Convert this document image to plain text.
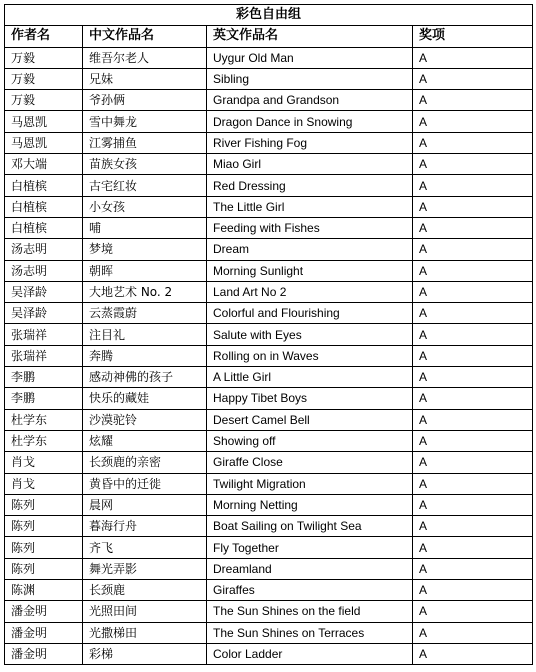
彩色自由组			
作者名	中文作品名	英文作品名	奖项
万毅	维吾尔老人	Uygur Old Man	A
万毅	兄妹	Sibling	A
万毅	爷孙俩	Grandpa and Grandson	A
马恩凯	雪中舞龙	Dragon Dance in Snowing	A
马恩凯	江雾捕鱼	River Fishing Fog	A
邓大端	苗族女孩	Miao Girl	A
白植槟	古宅红妆	Red Dressing	A
白植槟	小女孩	The Little Girl	A
白植槟	哺	Feeding with Fishes	A
汤志明	梦境	Dream	A
汤志明	朝晖	Morning Sunlight	A
吴泽龄	大地艺术 No. 2	Land Art No 2	A
吴泽龄	云蒸霞蔚	Colorful and Flourishing	A
张瑞祥	注目礼	Salute with Eyes	A
张瑞祥	奔腾	Rolling on in Waves	A
李鹏	感动神佛的孩子	A Little Girl	A
李鹏	快乐的藏娃	Happy Tibet Boys	A
杜学东	沙漠驼铃	Desert Camel Bell	A
杜学东	炫耀	Showing off	A
肖戈	长颈鹿的亲密	Giraffe Close	A
肖戈	黄昏中的迁徙	Twilight Migration	A
陈列	晨网	Morning Netting	A
陈列	暮海行舟	Boat Sailing on Twilight Sea	A
陈列	齐飞	Fly Together	A
陈列	舞光弄影	Dreamland	A
陈渊	长颈鹿	Giraffes	A
潘金明	光照田间	The Sun Shines on the field	A
潘金明	光撒梯田	The Sun Shines on Terraces	A
潘金明	彩梯	Color Ladder	A
